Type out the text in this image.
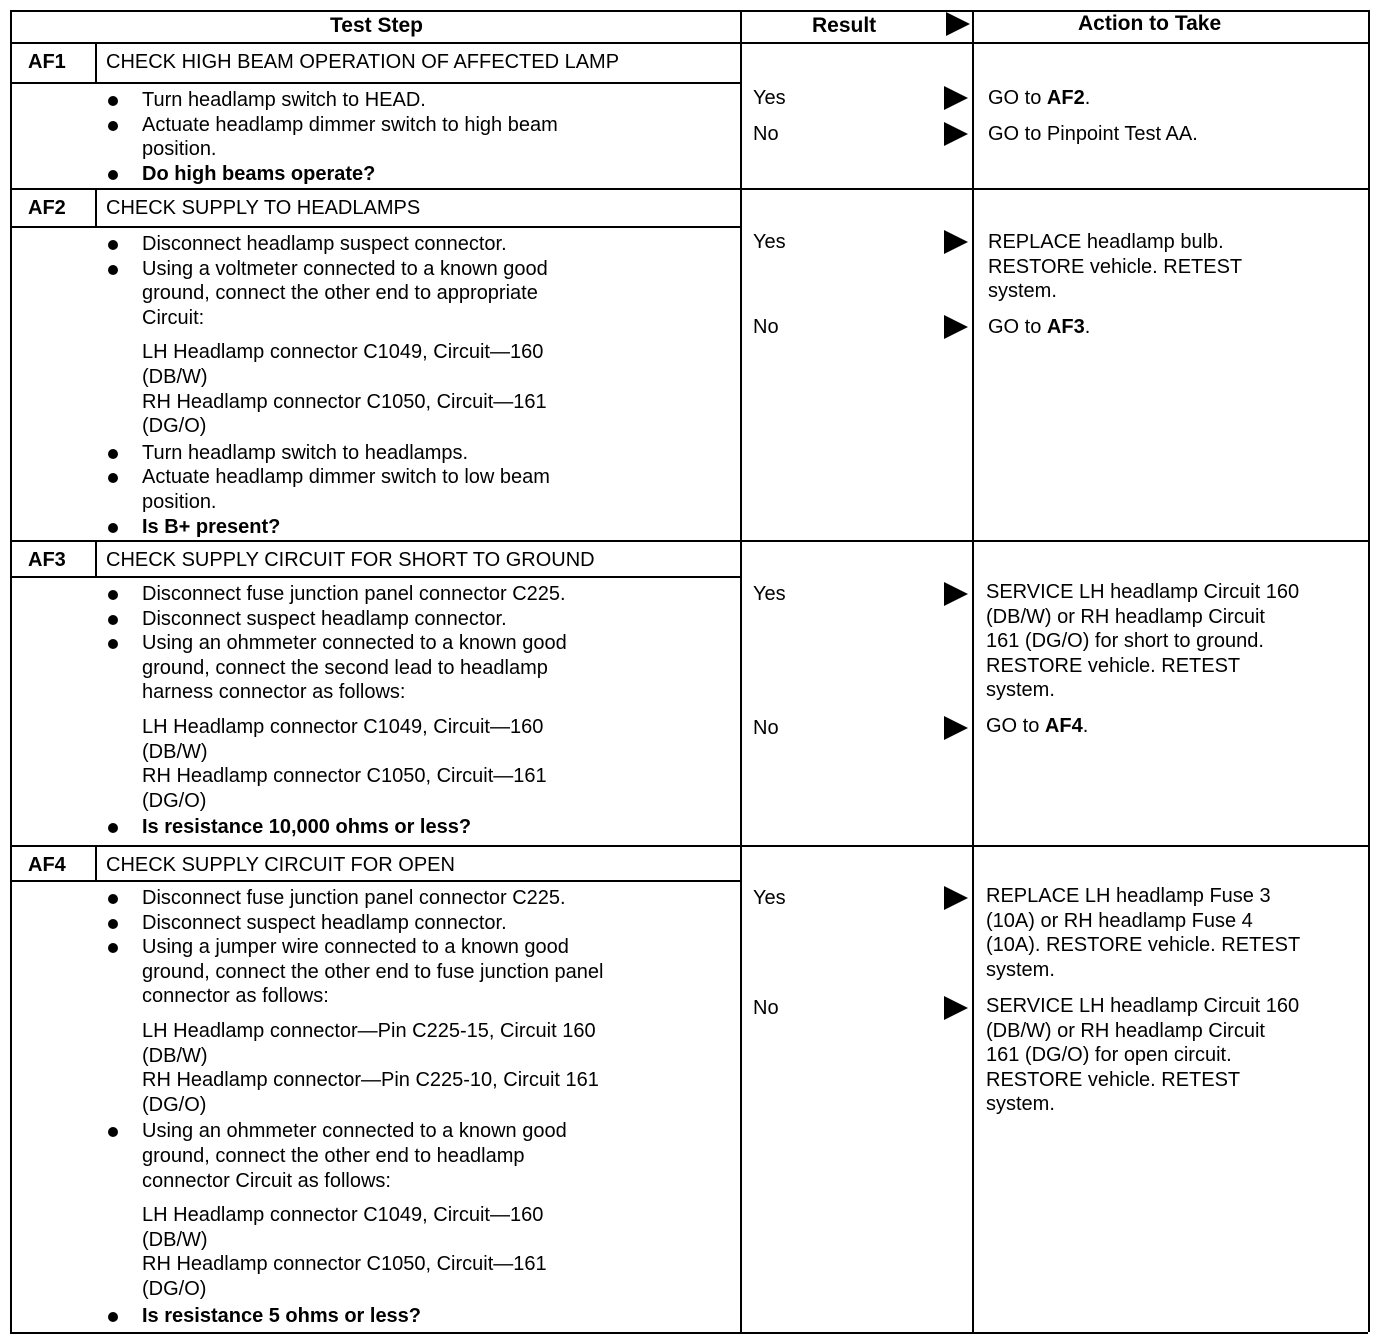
Test Step	Result	Action to Take
AF1 CHECK HIGH BEAM OPERATION OF AFFECTED LAMP
Turn headlamp switch to HEAD.
Actuate headlamp dimmer switch to high beam
position.
Do high beams operate?
Yes	GO to AF2.
No	GO to Pinpoint Test AA.
AF2 CHECK SUPPLY TO HEADLAMPS
Disconnect headlamp suspect connector.
Using a voltmeter connected to a known good
ground, connect the other end to appropriate
Circuit:
LH Headlamp connector C1049, Circuit—160
(DB/W)
RH Headlamp connector C1050, Circuit—161
(DG/O)
Turn headlamp switch to headlamps.
Actuate headlamp dimmer switch to low beam
position.
Is B+ present?
Yes	REPLACE headlamp bulb.
RESTORE vehicle. RETEST
system.
No	GO to AF3.
AF3 CHECK SUPPLY CIRCUIT FOR SHORT TO GROUND
Disconnect fuse junction panel connector C225.
Disconnect suspect headlamp connector.
Using an ohmmeter connected to a known good
ground, connect the second lead to headlamp
harness connector as follows:
LH Headlamp connector C1049, Circuit—160
(DB/W)
RH Headlamp connector C1050, Circuit—161
(DG/O)
Is resistance 10,000 ohms or less?
Yes	SERVICE LH headlamp Circuit 160
(DB/W) or RH headlamp Circuit
161 (DG/O) for short to ground.
RESTORE vehicle. RETEST
system.
No	GO to AF4.
AF4 CHECK SUPPLY CIRCUIT FOR OPEN
Disconnect fuse junction panel connector C225.
Disconnect suspect headlamp connector.
Using a jumper wire connected to a known good
ground, connect the other end to fuse junction panel
connector as follows:
LH Headlamp connector—Pin C225-15, Circuit 160
(DB/W)
RH Headlamp connector—Pin C225-10, Circuit 161
(DG/O)
Using an ohmmeter connected to a known good
ground, connect the other end to headlamp
connector Circuit as follows:
LH Headlamp connector C1049, Circuit—160
(DB/W)
RH Headlamp connector C1050, Circuit—161
(DG/O)
Is resistance 5 ohms or less?
Yes	REPLACE LH headlamp Fuse 3
(10A) or RH headlamp Fuse 4
(10A). RESTORE vehicle. RETEST
system.
No	SERVICE LH headlamp Circuit 160
(DB/W) or RH headlamp Circuit
161 (DG/O) for open circuit.
RESTORE vehicle. RETEST
system.
